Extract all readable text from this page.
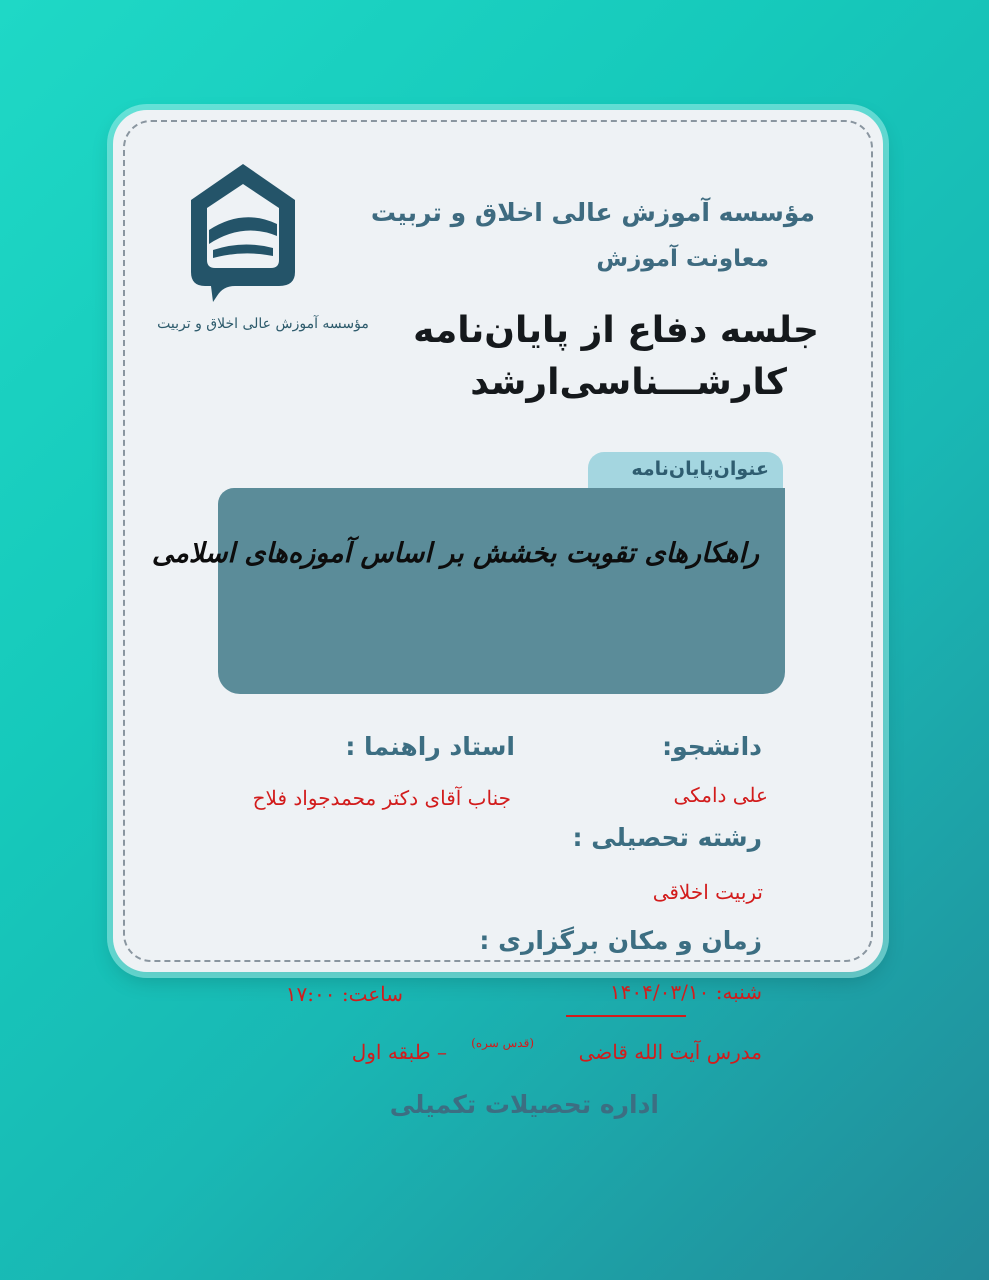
مؤسسه آموزش عالی اخلاق و تربیت
مؤسسه آموزش عالی اخلاق و تربیت
معاونت آموزش
جلسه دفاع از پایان‌نامه
کارشـــناسی‌ارشد
عنوان‌پایان‌نامه
راهکارهای تقویت بخشش بر اساس آموزه‌های اسلامی
دانشجو:
استاد راهنما :
علی دامکی
جناب آقای دکتر محمدجواد فلاح
رشته تحصیلی :
تربیت اخلاقی
زمان و مکان برگزاری :
شنبه: ۱۴۰۴/۰۳/۱۰
ساعت: ۱۷:۰۰
مدرس آیت الله قاضی
(قدس سره)
– طبقه اول
اداره تحصیلات تکمیلی
